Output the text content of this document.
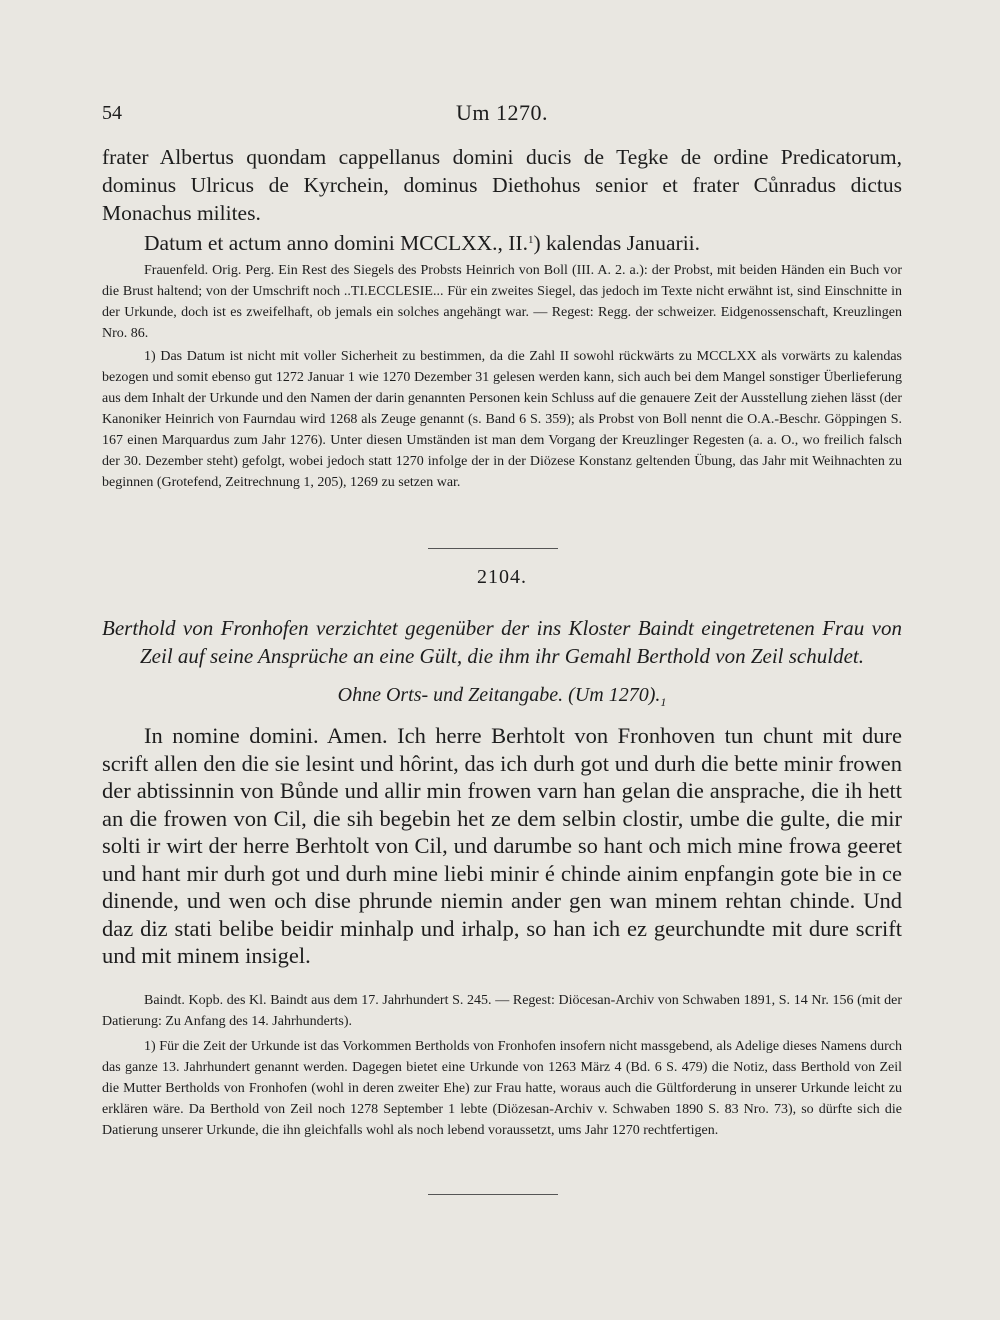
54	Um 1270.

frater Albertus quondam cappellanus domini ducis de Tegke de ordine Predicatorum, dominus Ulricus de Kyrchein, dominus Diethohus senior et frater Cůnradus dictus Monachus milites.

Datum et actum anno domini MCCLXX., II.$^1$) kalendas Januarii.

Frauenfeld. Orig. Perg. Ein Rest des Siegels des Probsts Heinrich von Boll (III. A. 2. a.): der Probst, mit beiden Händen ein Buch vor die Brust haltend; von der Umschrift noch ..TI.ECCLESIE... Für ein zweites Siegel, das jedoch im Texte nicht erwähnt ist, sind Einschnitte in der Urkunde, doch ist es zweifelhaft, ob jemals ein solches angehängt war. — Regest: Regg. der schweizer. Eidgenossenschaft, Kreuzlingen Nro. 86.

1) Das Datum ist nicht mit voller Sicherheit zu bestimmen, da die Zahl II sowohl rückwärts zu MCCLXX als vorwärts zu kalendas bezogen und somit ebenso gut 1272 Januar 1 wie 1270 Dezember 31 gelesen werden kann, sich auch bei dem Mangel sonstiger Überlieferung aus dem Inhalt der Urkunde und den Namen der darin genannten Personen kein Schluss auf die genauere Zeit der Ausstellung ziehen lässt (der Kanoniker Heinrich von Faurndau wird 1268 als Zeuge genannt (s. Band 6 S. 359); als Probst von Boll nennt die O.A.-Beschr. Göppingen S. 167 einen Marquardus zum Jahr 1276). Unter diesen Umständen ist man dem Vorgang der Kreuzlinger Regesten (a. a. O., wo freilich falsch der 30. Dezember steht) gefolgt, wobei jedoch statt 1270 infolge der in der Diözese Konstanz geltenden Übung, das Jahr mit Weihnachten zu beginnen (Grotefend, Zeitrechnung 1, 205), 1269 zu setzen war.

2104.
Berthold von Fronhofen verzichtet gegenüber der ins Kloster Baindt eingetretenen Frau von Zeil auf seine Ansprüche an eine Gült, die ihm ihr Gemahl Berthold von Zeil schuldet.
Ohne Orts- und Zeitangabe. (Um $1270)._1$

In nomine domini. Amen. Ich herre Berhtolt von Fronhoven tun chunt mit dure scrift allen den die sie lesint und hôrint, das ich durh got und durh die bette minir frowen der abtissinnin von Bůnde und allir min frowen varn han gelan die ansprache, die ih hett an die frowen von Cil, die sih begebin het ze dem selbin clostir, umbe die gulte, die mir solti ir wirt der herre Berhtolt von Cil, und darumbe so hant och mich mine frowa geeret und hant mir durh got und durh mine liebi minir é chinde ainim enpfangin gote bie in ce dinende, und wen och dise phrunde niemin ander gen wan minem rehtan chinde. Und daz diz stati belibe beidir minhalp und irhalp, so han ich ez geurchundte mit dure scrift und mit minem insigel.

Baindt. Kopb. des Kl. Baindt aus dem 17. Jahrhundert S. 245. — Regest: Diöcesan-Archiv von Schwaben 1891, S. 14 Nr. 156 (mit der Datierung: Zu Anfang des 14. Jahrhunderts).

1) Für die Zeit der Urkunde ist das Vorkommen Bertholds von Fronhofen insofern nicht massgebend, als Adelige dieses Namens durch das ganze 13. Jahrhundert genannt werden. Dagegen bietet eine Urkunde von 1263 März 4 (Bd. 6 S. 479) die Notiz, dass Berthold von Zeil die Mutter Bertholds von Fronhofen (wohl in deren zweiter Ehe) zur Frau hatte, woraus auch die Gültforderung in unserer Urkunde leicht zu erklären wäre. Da Berthold von Zeil noch 1278 September 1 lebte (Diözesan-Archiv v. Schwaben 1890 S. 83 Nro. 73), so dürfte sich die Datierung unserer Urkunde, die ihn gleichfalls wohl als noch lebend voraussetzt, ums Jahr 1270 rechtfertigen.
